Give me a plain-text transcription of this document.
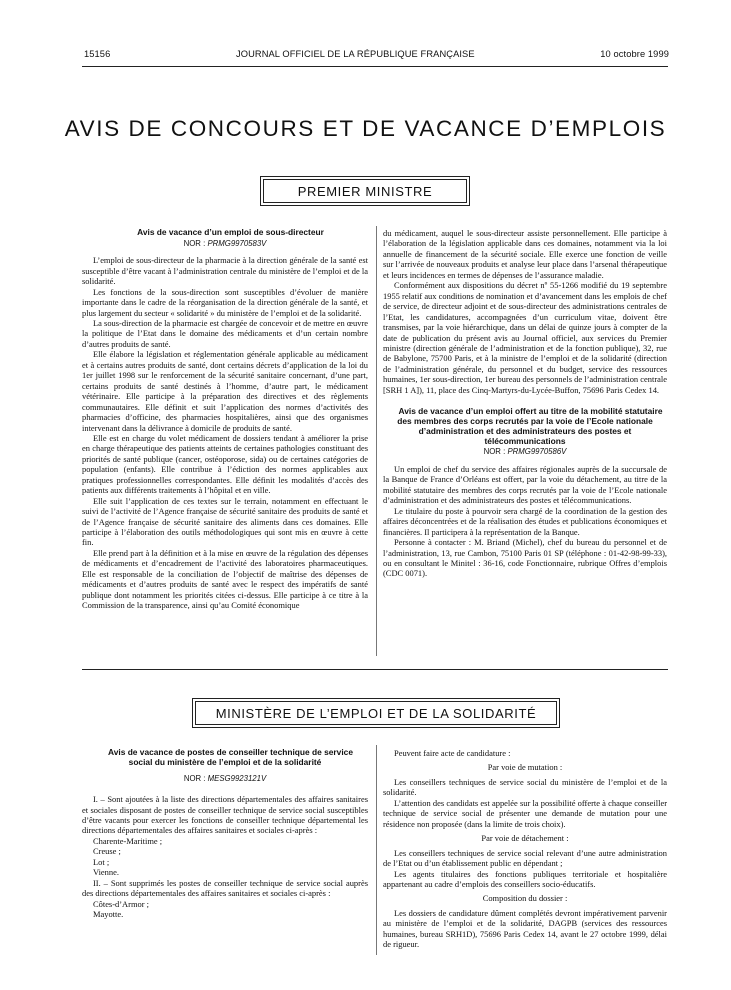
15156	JOURNAL OFFICIEL DE LA RÉPUBLIQUE FRANÇAISE	10 octobre 1999
AVIS DE CONCOURS ET DE VACANCE D’EMPLOIS
PREMIER MINISTRE

Avis de vacance d’un emploi de sous-directeur

NOR : PRMG9970583V

L’emploi de sous-directeur de la pharmacie à la direction générale de la santé est susceptible d’être vacant à l’administration centrale du ministère de l’emploi et de la solidarité.

Les fonctions de la sous-direction sont susceptibles d’évoluer de manière importante dans le cadre de la réorganisation de la direction générale de la santé, et plus largement du secteur « solidarité » du ministère de l’emploi et de la solidarité.

La sous-direction de la pharmacie est chargée de concevoir et de mettre en œuvre la politique de l’Etat dans le domaine des médicaments et d’un certain nombre d’autres produits de santé.

Elle élabore la législation et réglementation générale applicable au médicament et à certains autres produits de santé, dont certains décrets d’application de la loi du 1er juillet 1998 sur le renforcement de la sécurité sanitaire concernant, d’une part, certains produits de santé destinés à l’homme, d’autre part, le médicament vétérinaire. Elle participe à la préparation des directives et des règlements communautaires. Elle définit et suit l’application des normes d’activités des pharmacies d’officine, des pharmacies hospitalières, ainsi que des organismes intervenant dans la délivrance à domicile de produits de santé.

Elle est en charge du volet médicament de dossiers tendant à améliorer la prise en charge thérapeutique des patients atteints de certaines pathologies constituant des priorités de santé publique (cancer, ostéoporose, sida) ou de certaines catégories de population (enfants). Elle contribue à l’édiction des normes applicables aux pratiques professionnelles correspondantes. Elle définit les modalités d’accès des patients aux différents traitements à l’hôpital et en ville.

Elle suit l’application de ces textes sur le terrain, notamment en effectuant le suivi de l’activité de l’Agence française de sécurité sanitaire des produits de santé et de l’Agence française de sécurité sanitaire des aliments dans ces domaines. Elle participe à l’élaboration des outils méthodologiques qui sont mis en œuvre à cette fin.

Elle prend part à la définition et à la mise en œuvre de la régulation des dépenses de médicaments et d’encadrement de l’activité des laboratoires pharmaceutiques. Elle est responsable de la conciliation de l’objectif de maîtrise des dépenses de médicaments et d’autres produits de santé avec le respect des impératifs de santé publique dont notamment les priorités citées ci-dessus. Elle participe à ce titre à la Commission de la transparence, ainsi qu’au Comité économique

du médicament, auquel le sous-directeur assiste personnellement. Elle participe à l’élaboration de la législation applicable dans ces domaines, notamment via la loi annuelle de financement de la sécurité sociale. Elle exerce une fonction de veille sur l’arrivée de nouveaux produits et analyse leur place dans l’arsenal thérapeutique et leurs incidences en termes de dépenses de l’assurance maladie.

Conformément aux dispositions du décret nº 55-1266 modifié du 19 septembre 1955 relatif aux conditions de nomination et d’avancement dans les emplois de chef de service, de directeur adjoint et de sous-directeur des administrations centrales de l’Etat, les candidatures, accompagnées d’un curriculum vitae, doivent être transmises, par la voie hiérarchique, dans un délai de quinze jours à compter de la date de publication du présent avis au Journal officiel, aux services du Premier ministre (direction générale de l’administration et de la fonction publique), 32, rue de Babylone, 75700 Paris, et à la ministre de l’emploi et de la solidarité (direction de l’administration générale, du personnel et du budget, service des ressources humaines, 1er sous-direction, 1er bureau des personnels de l’administration centrale [SRH 1 A]), 11, place des Cinq-Martyrs-du-Lycée-Buffon, 75696 Paris Cedex 14.

Avis de vacance d’un emploi offert au titre de la mobilité statutaire des membres des corps recrutés par la voie de l’Ecole nationale d’administration et des administrateurs des postes et télécommunications

NOR : PRMG9970586V

Un emploi de chef du service des affaires régionales auprès de la succursale de la Banque de France d’Orléans est offert, par la voie du détachement, au titre de la mobilité statutaire des membres des corps recrutés par la voie de l’Ecole nationale d’administration et des administrateurs des postes et télécommunications.

Le titulaire du poste à pourvoir sera chargé de la coordination de la gestion des affaires déconcentrées et de la réalisation des études et publications économiques et financières. Il participera à la représentation de la Banque.

Personne à contacter : M. Briand (Michel), chef du bureau du personnel et de l’administration, 13, rue Cambon, 75100 Paris 01 SP (téléphone : 01-42-98-99-33), ou en consultant le Minitel : 36-16, code Fonctionnaire, rubrique Offres d’emplois (CDC 0071).

MINISTÈRE DE L’EMPLOI ET DE LA SOLIDARITÉ

Avis de vacance de postes de conseiller technique de service social du ministère de l’emploi et de la solidarité

NOR : MESG9923121V

I. – Sont ajoutées à la liste des directions départementales des affaires sanitaires et sociales disposant de postes de conseiller technique de service social susceptibles d’être vacants pour exercer les fonctions de conseiller technique départemental les directions départementales des affaires sanitaires et sociales ci-après :

Charente-Maritime ;

Creuse ;

Lot ;

Vienne.

II. – Sont supprimés les postes de conseiller technique de service social auprès des directions départementales des affaires sanitaires et sociales ci-après :

Côtes-d’Armor ;

Mayotte.

Peuvent faire acte de candidature :

Par voie de mutation :

Les conseillers techniques de service social du ministère de l’emploi et de la solidarité.

L’attention des candidats est appelée sur la possibilité offerte à chaque conseiller technique de service social de présenter une demande de mutation pour une résidence non proposée (dans la limite de trois choix).

Par voie de détachement :

Les conseillers techniques de service social relevant d’une autre administration de l’Etat ou d’un établissement public en dépendant ;

Les agents titulaires des fonctions publiques territoriale et hospitalière appartenant au cadre d’emplois des conseillers socio-éducatifs.

Composition du dossier :

Les dossiers de candidature dûment complétés devront impérativement parvenir au ministère de l’emploi et de la solidarité, DAGPB (services des ressources humaines, bureau SRH1D), 75696 Paris Cedex 14, avant le 27 octobre 1999, délai de rigueur.
